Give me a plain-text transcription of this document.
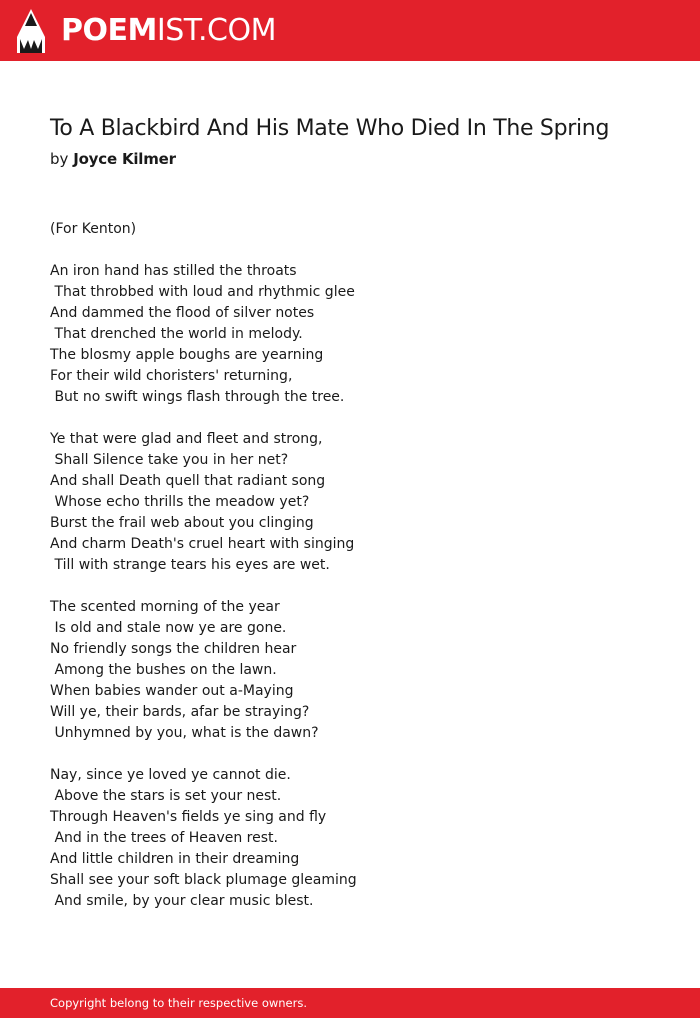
POEMIST.COM
To A Blackbird And His Mate Who Died In The Spring
by Joyce Kilmer
(For Kenton)
An iron hand has stilled the throats
That throbbed with loud and rhythmic glee
And dammed the flood of silver notes
That drenched the world in melody.
The blosmy apple boughs are yearning
For their wild choristers' returning,
But no swift wings flash through the tree.
Ye that were glad and fleet and strong,
Shall Silence take you in her net?
And shall Death quell that radiant song
Whose echo thrills the meadow yet?
Burst the frail web about you clinging
And charm Death's cruel heart with singing
Till with strange tears his eyes are wet.
The scented morning of the year
Is old and stale now ye are gone.
No friendly songs the children hear
Among the bushes on the lawn.
When babies wander out a-Maying
Will ye, their bards, afar be straying?
Unhymned by you, what is the dawn?
Nay, since ye loved ye cannot die.
Above the stars is set your nest.
Through Heaven's fields ye sing and fly
And in the trees of Heaven rest.
And little children in their dreaming
Shall see your soft black plumage gleaming
And smile, by your clear music blest.
Copyright belong to their respective owners.
